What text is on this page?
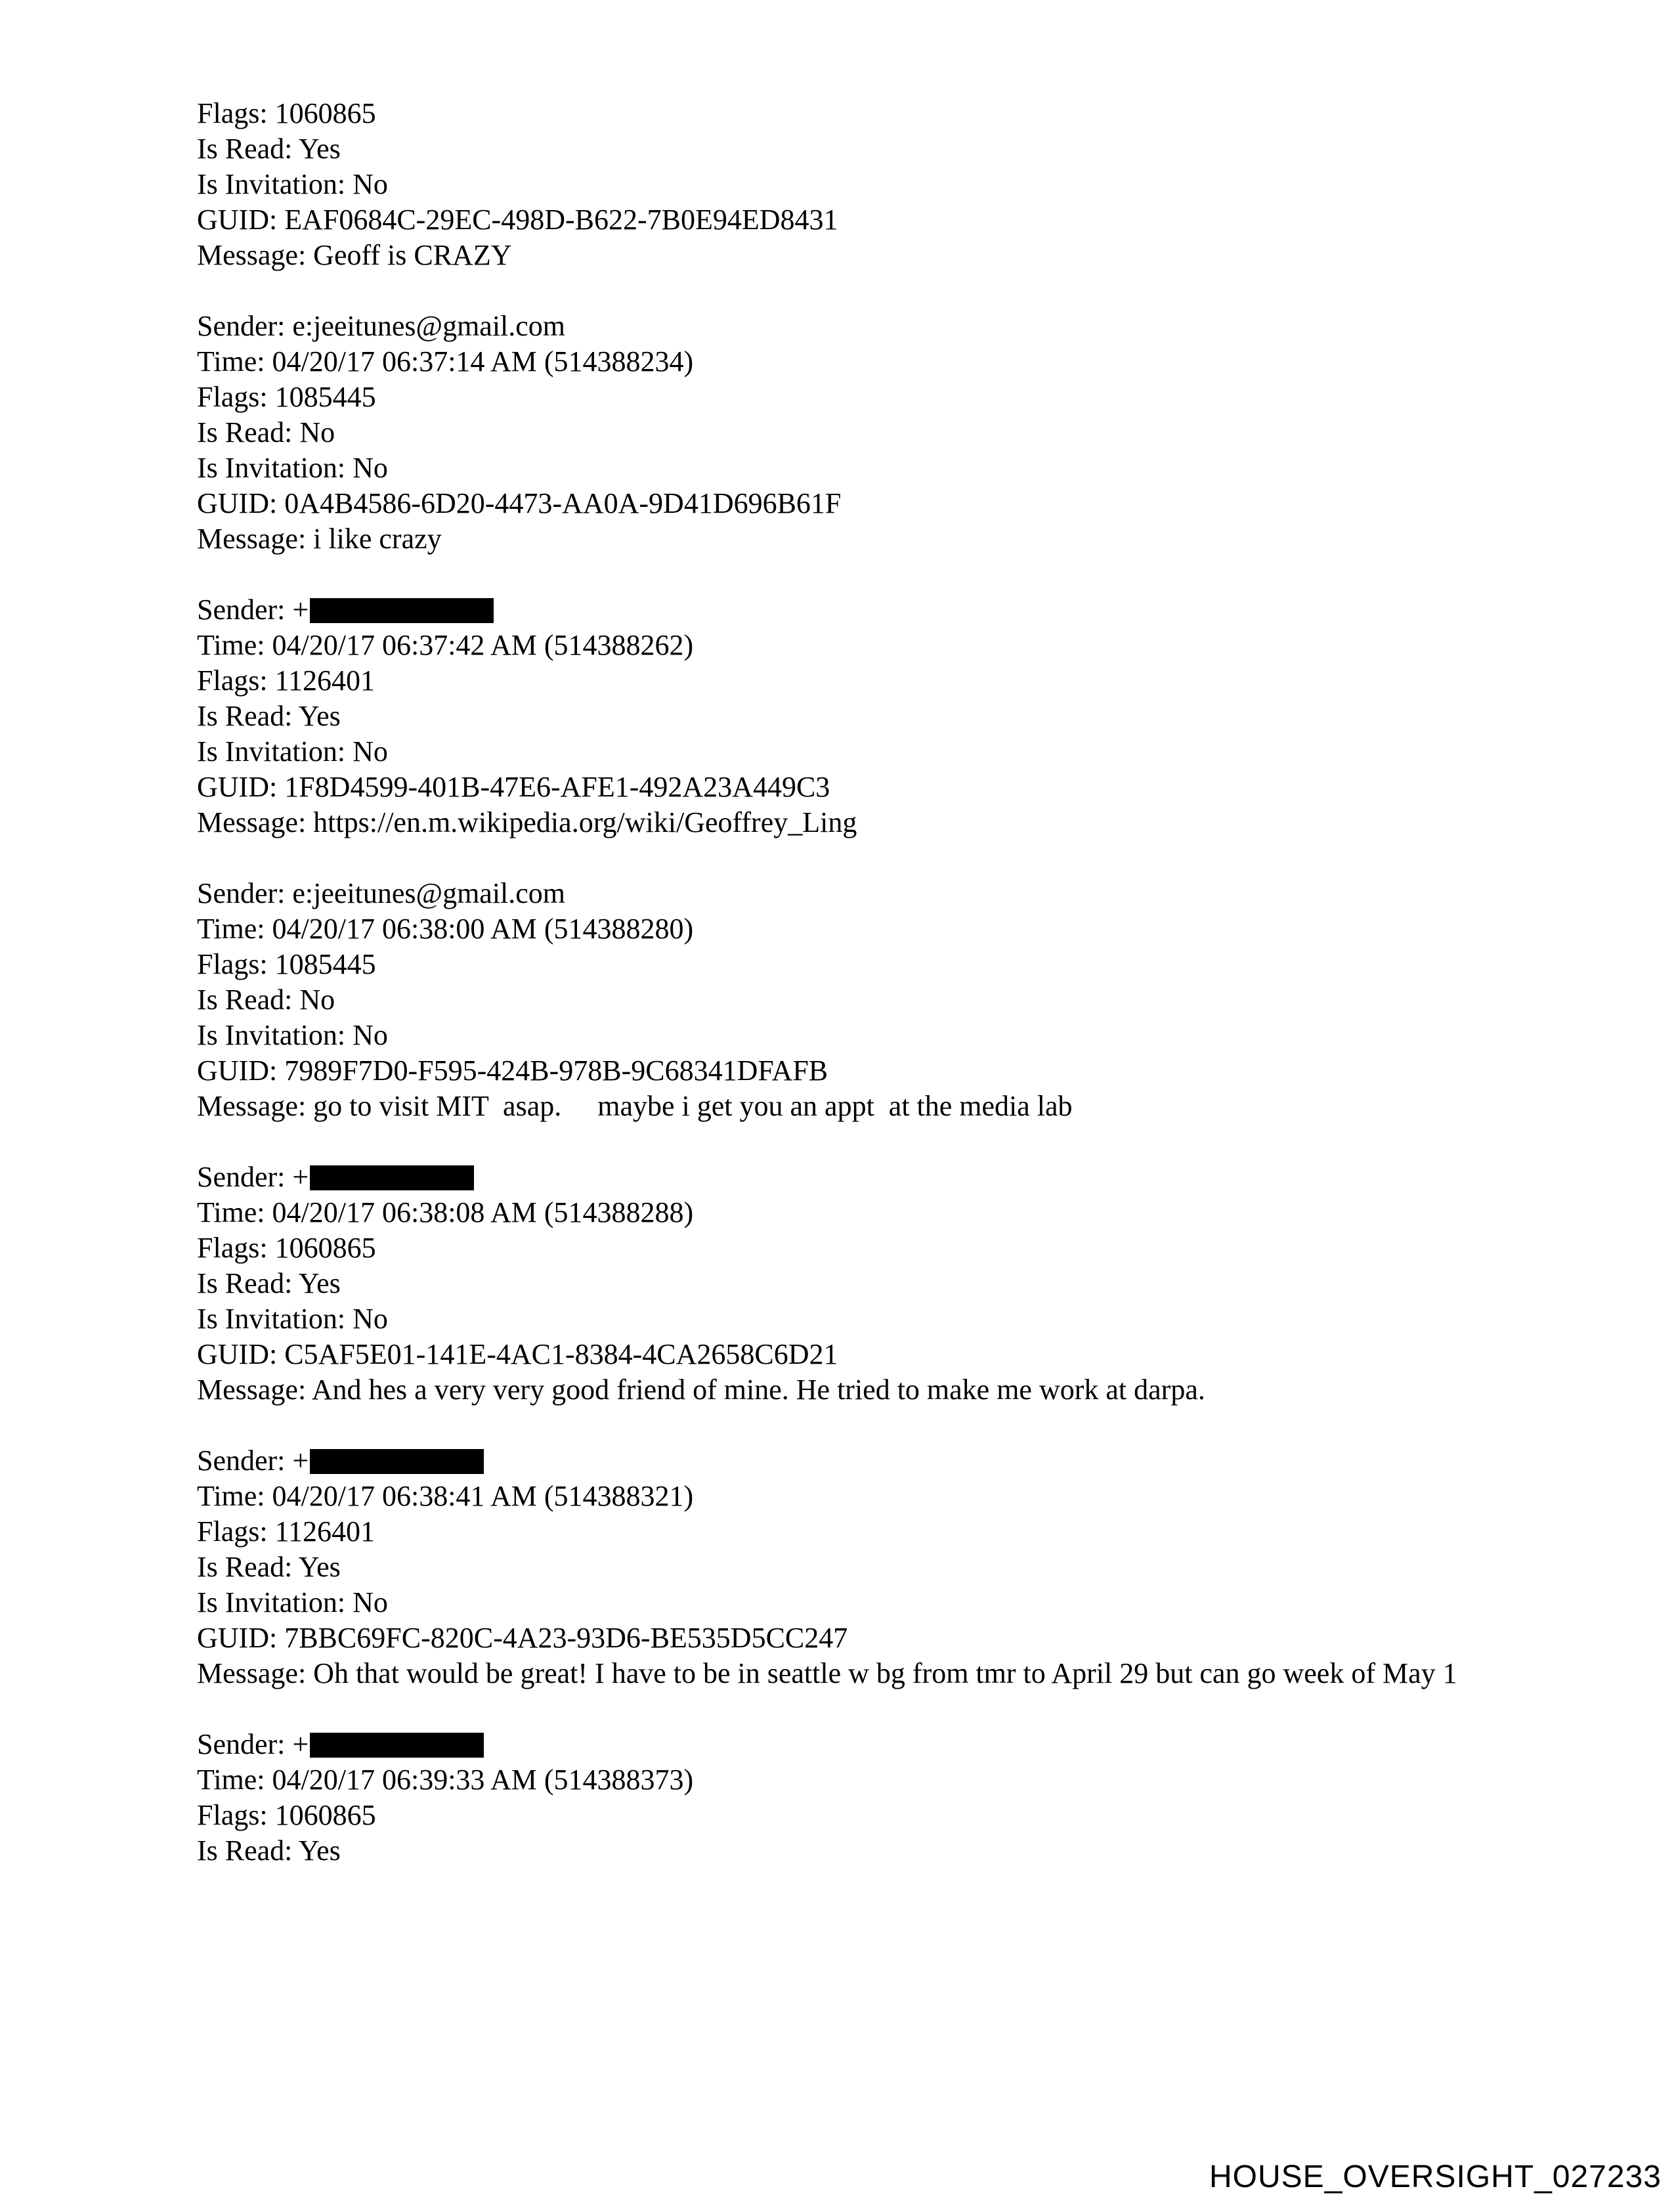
Flags: 1060865
Is Read: Yes
Is Invitation: No
GUID: EAF0684C-29EC-498D-B622-7B0E94ED8431
Message: Geoff is CRAZY
Sender: e:jeeitunes@gmail.com
Time: 04/20/17 06:37:14 AM (514388234)
Flags: 1085445
Is Read: No
Is Invitation: No
GUID: 0A4B4586-6D20-4473-AA0A-9D41D696B61F
Message: i like crazy
Sender: +
Time: 04/20/17 06:37:42 AM (514388262)
Flags: 1126401
Is Read: Yes
Is Invitation: No
GUID: 1F8D4599-401B-47E6-AFE1-492A23A449C3
Message: https://en.m.wikipedia.org/wiki/Geoffrey_Ling
Sender: e:jeeitunes@gmail.com
Time: 04/20/17 06:38:00 AM (514388280)
Flags: 1085445
Is Read: No
Is Invitation: No
GUID: 7989F7D0-F595-424B-978B-9C68341DFAFB
Message: go to visit MIT  asap.     maybe i get you an appt  at the media lab
Sender: +
Time: 04/20/17 06:38:08 AM (514388288)
Flags: 1060865
Is Read: Yes
Is Invitation: No
GUID: C5AF5E01-141E-4AC1-8384-4CA2658C6D21
Message: And hes a very very good friend of mine. He tried to make me work at darpa.
Sender: +
Time: 04/20/17 06:38:41 AM (514388321)
Flags: 1126401
Is Read: Yes
Is Invitation: No
GUID: 7BBC69FC-820C-4A23-93D6-BE535D5CC247
Message: Oh that would be great! I have to be in seattle w bg from tmr to April 29 but can go week of May 1
Sender: +
Time: 04/20/17 06:39:33 AM (514388373)
Flags: 1060865
Is Read: Yes
HOUSE_OVERSIGHT_027233
